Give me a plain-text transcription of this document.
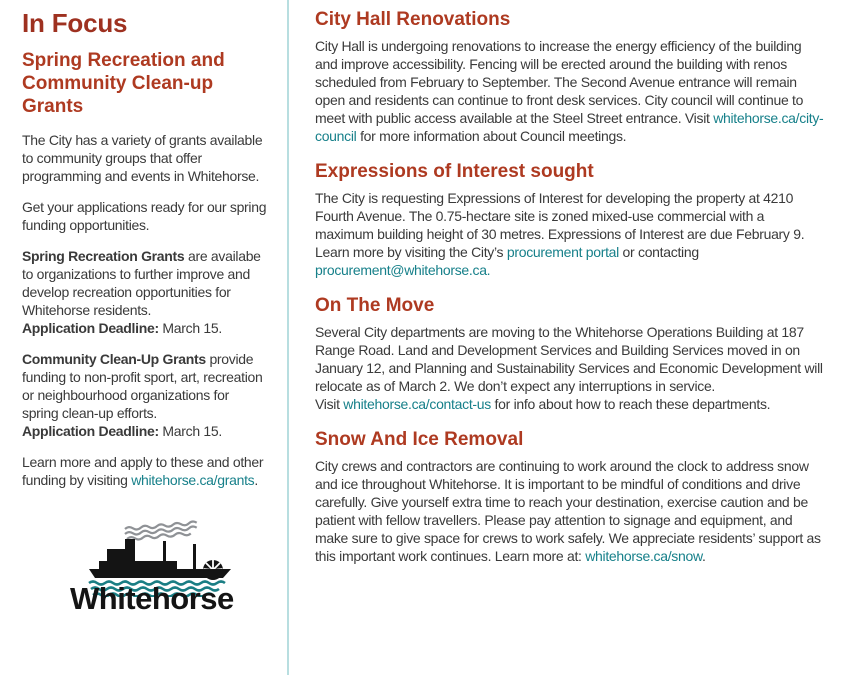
In Focus
Spring Recreation and Community Clean-up Grants

The City has a variety of grants available to community groups that offer programming and events in Whitehorse.

Get your applications ready for our spring funding opportunities.

Spring Recreation Grants are availabe to organizations to further improve and develop recreation opportunities for Whitehorse residents.
Application Deadline: March 15.

Community Clean-Up Grants provide funding to non-profit sport, art, recreation or neighbourhood organizations for spring clean-up efforts.
Application Deadline: March 15.

Learn more and apply to these and other funding by visiting whitehorse.ca/grants.

Whitehorse
City Hall Renovations

City Hall is undergoing renovations to increase the energy efficiency of the building and improve accessibility. Fencing will be erected around the building with renos scheduled from February to September. The Second Avenue entrance will remain open and residents can continue to front desk services. City council will continue to meet with public access available at the Steel Street entrance. Visit whitehorse.ca/city-council for more information about Council meetings.

Expressions of Interest sought

The City is requesting Expressions of Interest for developing the property at 4210 Fourth Avenue. The 0.75-hectare site is zoned mixed-use commercial with a maximum building height of 30 metres. Expressions of Interest are due February 9. Learn more by visiting the City’s procurement portal or contacting procurement@whitehorse.ca.

On The Move

Several City departments are moving to the Whitehorse Operations Building at 187 Range Road. Land and Development Services and Building Services moved in on January 12, and Planning and Sustainability Services and Economic Development will relocate as of March 2. We don’t expect any interruptions in service.
Visit whitehorse.ca/contact-us for info about how to reach these departments.

Snow And Ice Removal

City crews and contractors are continuing to work around the clock to address snow and ice throughout Whitehorse. It is important to be mindful of conditions and drive carefully. Give yourself extra time to reach your destination, exercise caution and be patient with fellow travellers. Please pay attention to signage and equipment, and make sure to give space for crews to work safely. We appreciate residents’ support as this important work continues. Learn more at: whitehorse.ca/snow.
